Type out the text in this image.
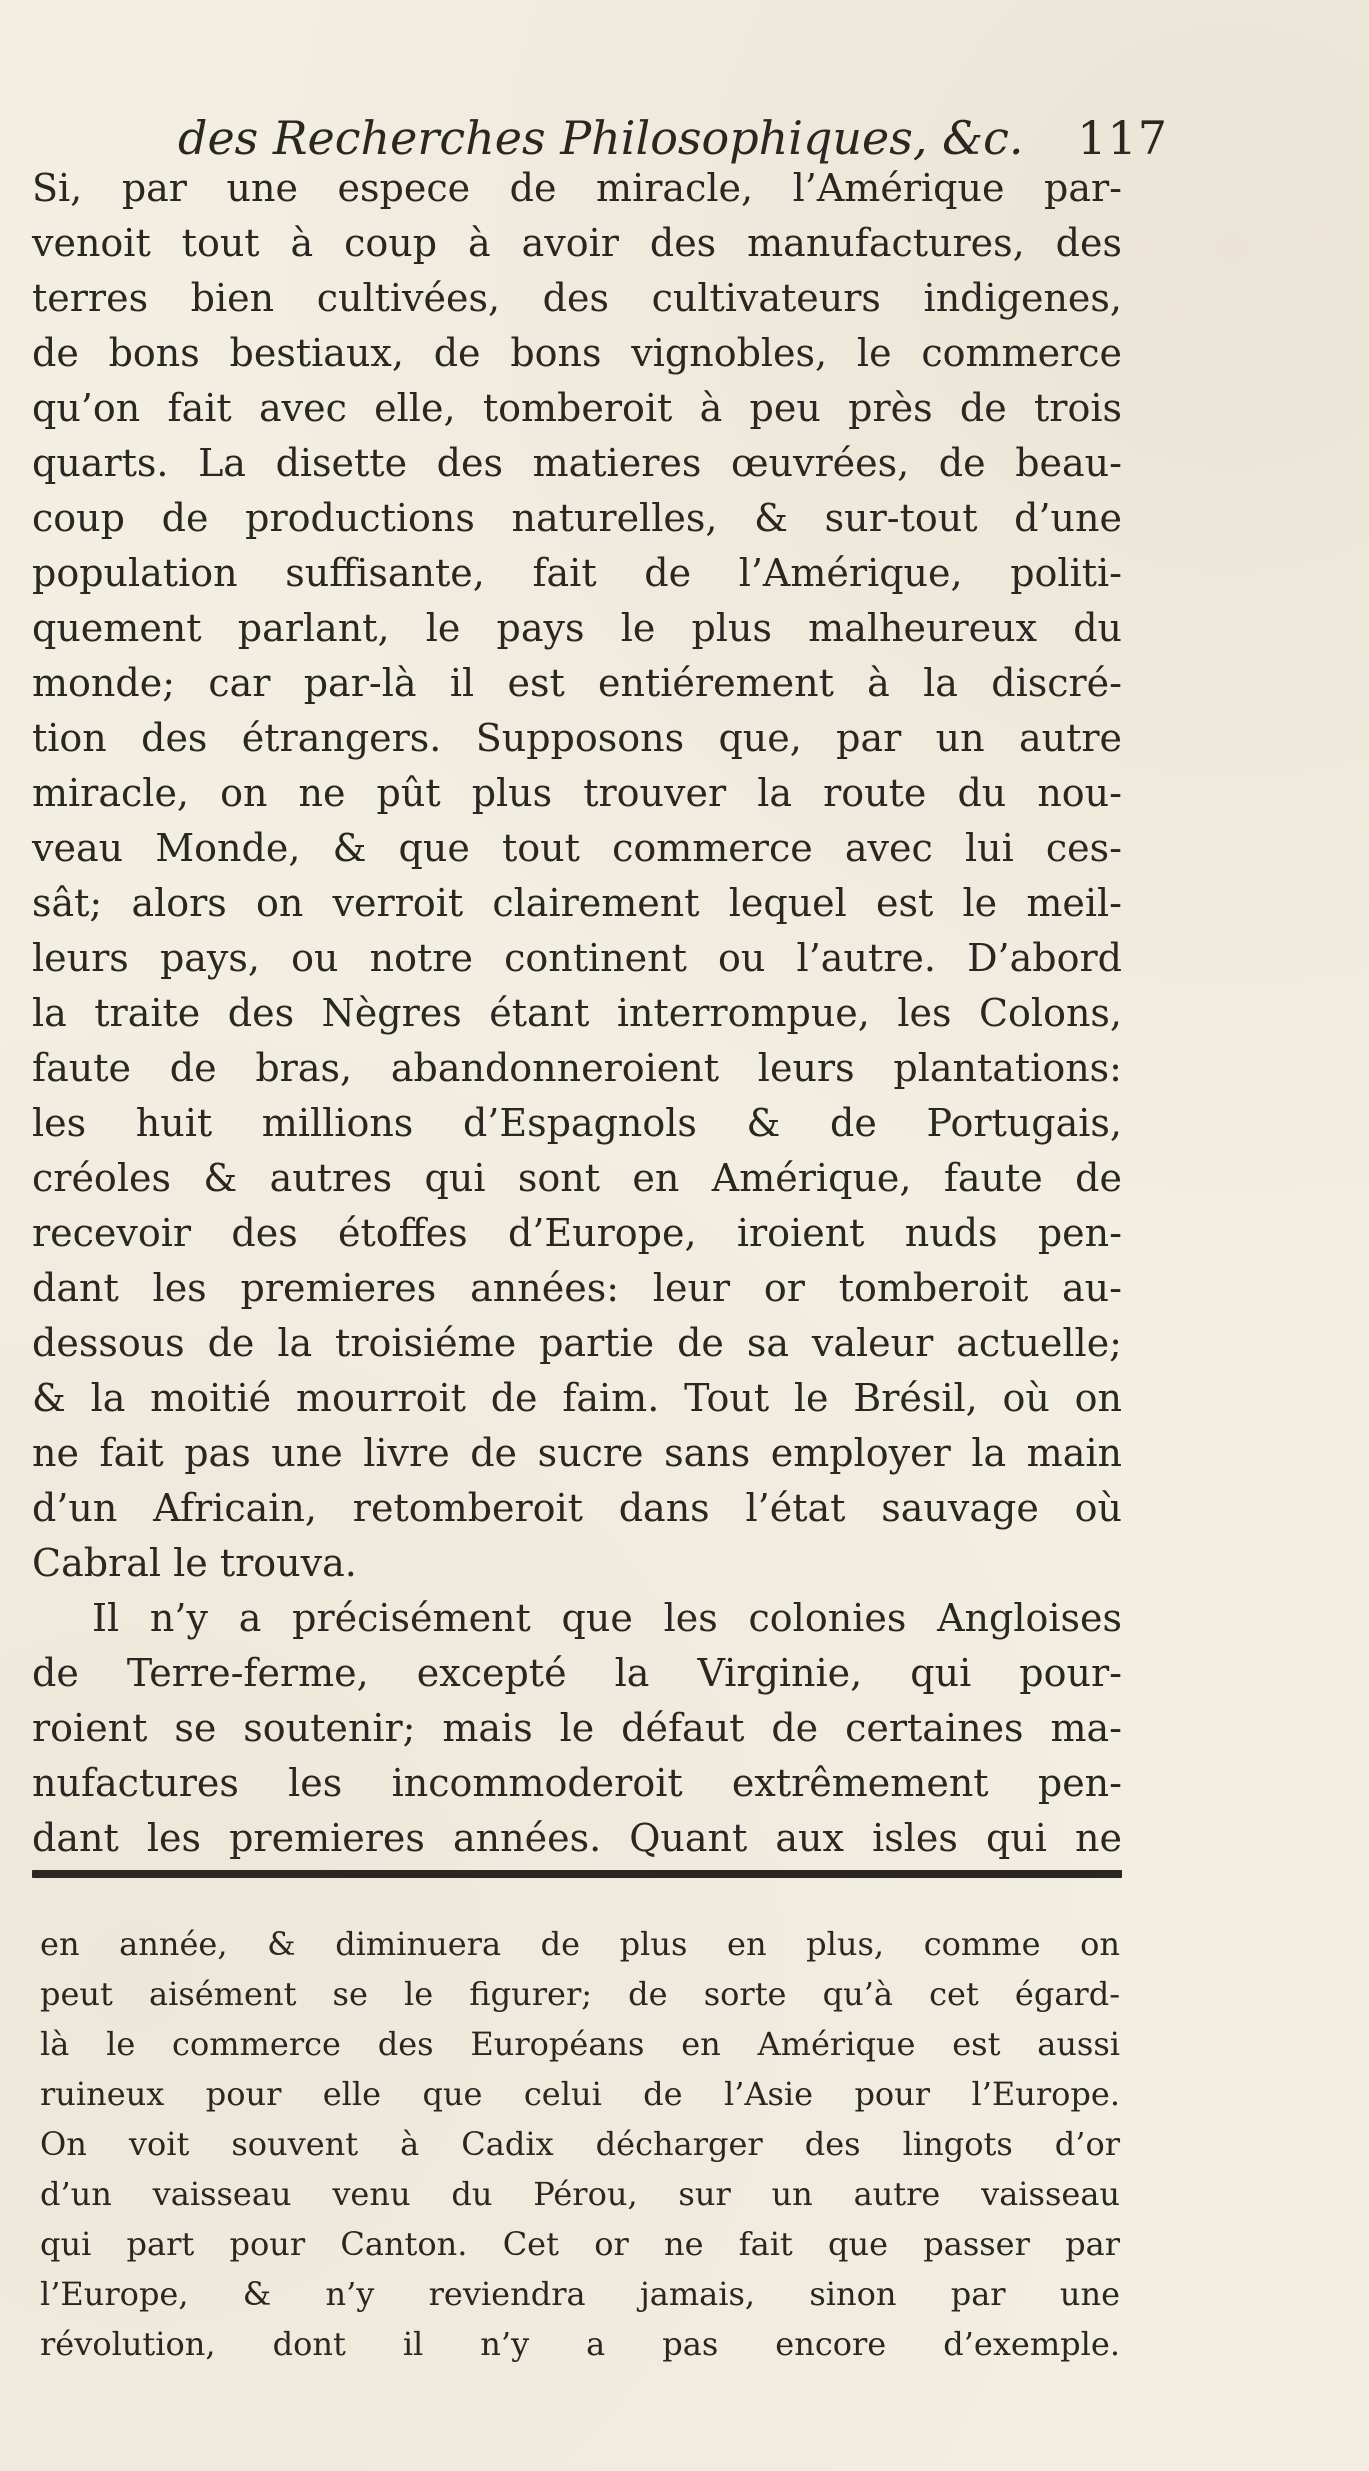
des Recherches Philosophiques, &c. 117
Si, par une espece de miracle, l’Amérique par-
venoit tout à coup à avoir des manufactures, des
terres bien cultivées, des cultivateurs indigenes,
de bons bestiaux, de bons vignobles, le commerce
qu’on fait avec elle, tomberoit à peu près de trois
quarts. La disette des matieres œuvrées, de beau-
coup de productions naturelles, & sur-tout d’une
population suffisante, fait de l’Amérique, politi-
quement parlant, le pays le plus malheureux du
monde; car par-là il est entiérement à la discré-
tion des étrangers. Supposons que, par un autre
miracle, on ne pût plus trouver la route du nou-
veau Monde, & que tout commerce avec lui ces-
sât; alors on verroit clairement lequel est le meil-
leurs pays, ou notre continent ou l’autre. D’abord
la traite des Nègres étant interrompue, les Colons,
faute de bras, abandonneroient leurs plantations:
les huit millions d’Espagnols & de Portugais,
créoles & autres qui sont en Amérique, faute de
recevoir des étoffes d’Europe, iroient nuds pen-
dant les premieres années: leur or tomberoit au-
dessous de la troisiéme partie de sa valeur actuelle;
& la moitié mourroit de faim. Tout le Brésil, où on
ne fait pas une livre de sucre sans employer la main
d’un Africain, retomberoit dans l’état sauvage où
Cabral le trouva.
Il n’y a précisément que les colonies Angloises
de Terre-ferme, excepté la Virginie, qui pour-
roient se soutenir; mais le défaut de certaines ma-
nufactures les incommoderoit extrêmement pen-
dant les premieres années. Quant aux isles qui ne
en année, & diminuera de plus en plus, comme on
peut aisément se le figurer; de sorte qu’à cet égard-
là le commerce des Européans en Amérique est aussi
ruineux pour elle que celui de l’Asie pour l’Europe.
On voit souvent à Cadix décharger des lingots d’or
d’un vaisseau venu du Pérou, sur un autre vaisseau
qui part pour Canton. Cet or ne fait que passer par
l’Europe, & n’y reviendra jamais, sinon par une
révolution, dont il n’y a pas encore d’exemple.
